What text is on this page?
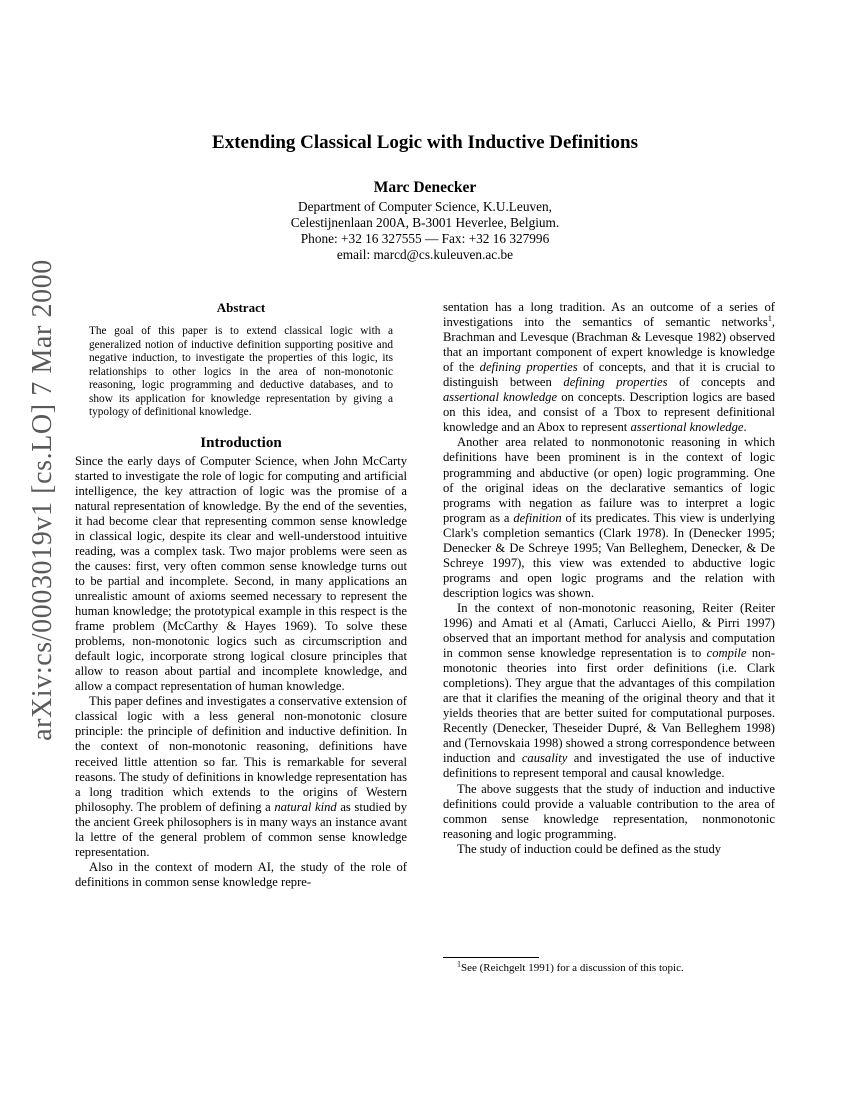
arXiv:cs/0003019v1 [cs.LO] 7 Mar 2000
Extending Classical Logic with Inductive Definitions
Marc Denecker
Department of Computer Science, K.U.Leuven,
Celestijnenlaan 200A, B-3001 Heverlee, Belgium.
Phone: +32 16 327555 — Fax: +32 16 327996
email: marcd@cs.kuleuven.ac.be
Abstract
The goal of this paper is to extend classical logic with a generalized notion of inductive definition supporting positive and negative induction, to investigate the properties of this logic, its relationships to other logics in the area of non-monotonic reasoning, logic programming and deductive databases, and to show its application for knowledge representation by giving a typology of definitional knowledge.
Introduction

Since the early days of Computer Science, when John McCarty started to investigate the role of logic for computing and artificial intelligence, the key attraction of logic was the promise of a natural representation of knowledge. By the end of the seventies, it had become clear that representing common sense knowledge in classical logic, despite its clear and well-understood intuitive reading, was a complex task. Two major problems were seen as the causes: first, very often common sense knowledge turns out to be partial and incomplete. Second, in many applications an unrealistic amount of axioms seemed necessary to represent the human knowledge; the prototypical example in this respect is the frame problem (McCarthy & Hayes 1969). To solve these problems, non-monotonic logics such as circumscription and default logic, incorporate strong logical closure principles that allow to reason about partial and incomplete knowledge, and allow a compact representation of human knowledge.

This paper defines and investigates a conservative extension of classical logic with a less general non-monotonic closure principle: the principle of definition and inductive definition. In the context of non-monotonic reasoning, definitions have received little attention so far. This is remarkable for several reasons. The study of definitions in knowledge representation has a long tradition which extends to the origins of Western philosophy. The problem of defining a natural kind as studied by the ancient Greek philosophers is in many ways an instance avant la lettre of the general problem of common sense knowledge representation.

Also in the context of modern AI, the study of the role of definitions in common sense knowledge repre-

sentation has a long tradition. As an outcome of a series of investigations into the semantics of semantic networks$^1$, Brachman and Levesque (Brachman & Levesque 1982) observed that an important component of expert knowledge is knowledge of the defining properties of concepts, and that it is crucial to distinguish between defining properties of concepts and assertional knowledge on concepts. Description logics are based on this idea, and consist of a Tbox to represent definitional knowledge and an Abox to represent assertional knowledge.

Another area related to nonmonotonic reasoning in which definitions have been prominent is in the context of logic programming and abductive (or open) logic programming. One of the original ideas on the declarative semantics of logic programs with negation as failure was to interpret a logic program as a definition of its predicates. This view is underlying Clark's completion semantics (Clark 1978). In (Denecker 1995; Denecker & De Schreye 1995; Van Belleghem, Denecker, & De Schreye 1997), this view was extended to abductive logic programs and open logic programs and the relation with description logics was shown.

In the context of non-monotonic reasoning, Reiter (Reiter 1996) and Amati et al (Amati, Carlucci Aiello, & Pirri 1997) observed that an important method for analysis and computation in common sense knowledge representation is to compile non-monotonic theories into first order definitions (i.e. Clark completions). They argue that the advantages of this compilation are that it clarifies the meaning of the original theory and that it yields theories that are better suited for computational purposes. Recently (Denecker, Theseider Dupré, & Van Belleghem 1998) and (Ternovskaia 1998) showed a strong correspondence between induction and causality and investigated the use of inductive definitions to represent temporal and causal knowledge.

The above suggests that the study of induction and inductive definitions could provide a valuable contribution to the area of common sense knowledge representation, nonmonotonic reasoning and logic programming.

The study of induction could be defined as the study

$^1$See (Reichgelt 1991) for a discussion of this topic.
